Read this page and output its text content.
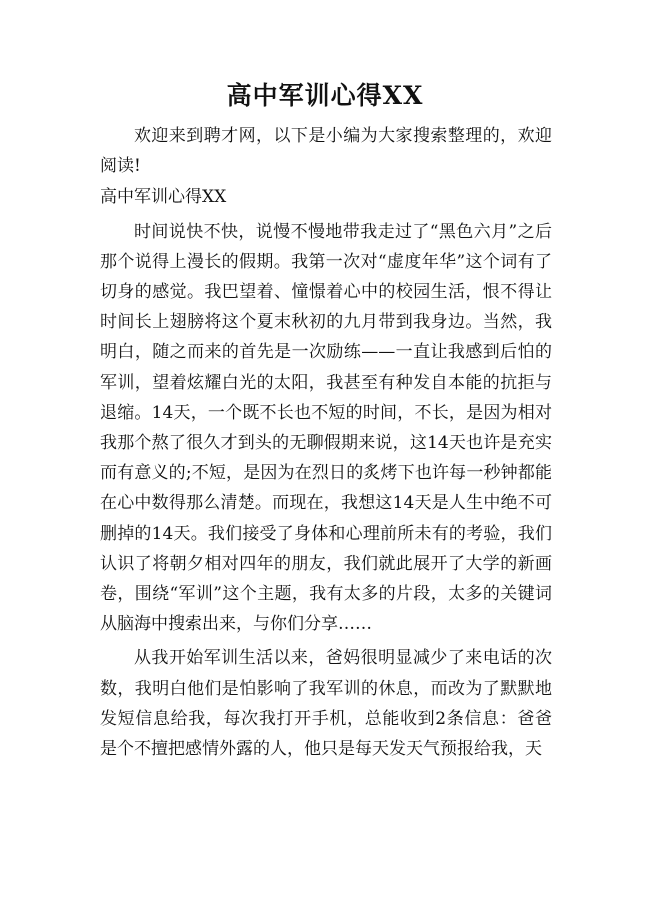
高中军训心得XX

欢迎来到聘才网，以下是小编为大家搜索整理的，欢迎阅读!

高中军训心得XX

时间说快不快，说慢不慢地带我走过了“黑色六月”之后那个说得上漫长的假期。我第一次对“虚度年华”这个词有了切身的感觉。我巴望着、憧憬着心中的校园生活，恨不得让时间长上翅膀将这个夏末秋初的九月带到我身边。当然，我明白，随之而来的首先是一次励练——一直让我感到后怕的军训，望着炫耀白光的太阳，我甚至有种发自本能的抗拒与退缩。14天，一个既不长也不短的时间，不长，是因为相对我那个熬了很久才到头的无聊假期来说，这14天也许是充实而有意义的;不短，是因为在烈日的炙烤下也许每一秒钟都能在心中数得那么清楚。而现在，我想这14天是人生中绝不可删掉的14天。我们接受了身体和心理前所未有的考验，我们认识了将朝夕相对四年的朋友，我们就此展开了大学的新画卷，围绕“军训”这个主题，我有太多的片段，太多的关键词从脑海中搜索出来，与你们分享……

从我开始军训生活以来，爸妈很明显减少了来电话的次数，我明白他们是怕影响了我军训的休息，而改为了默默地发短信息给我，每次我打开手机，总能收到2条信息：爸爸是个不擅把感情外露的人，他只是每天发天气预报给我，天
